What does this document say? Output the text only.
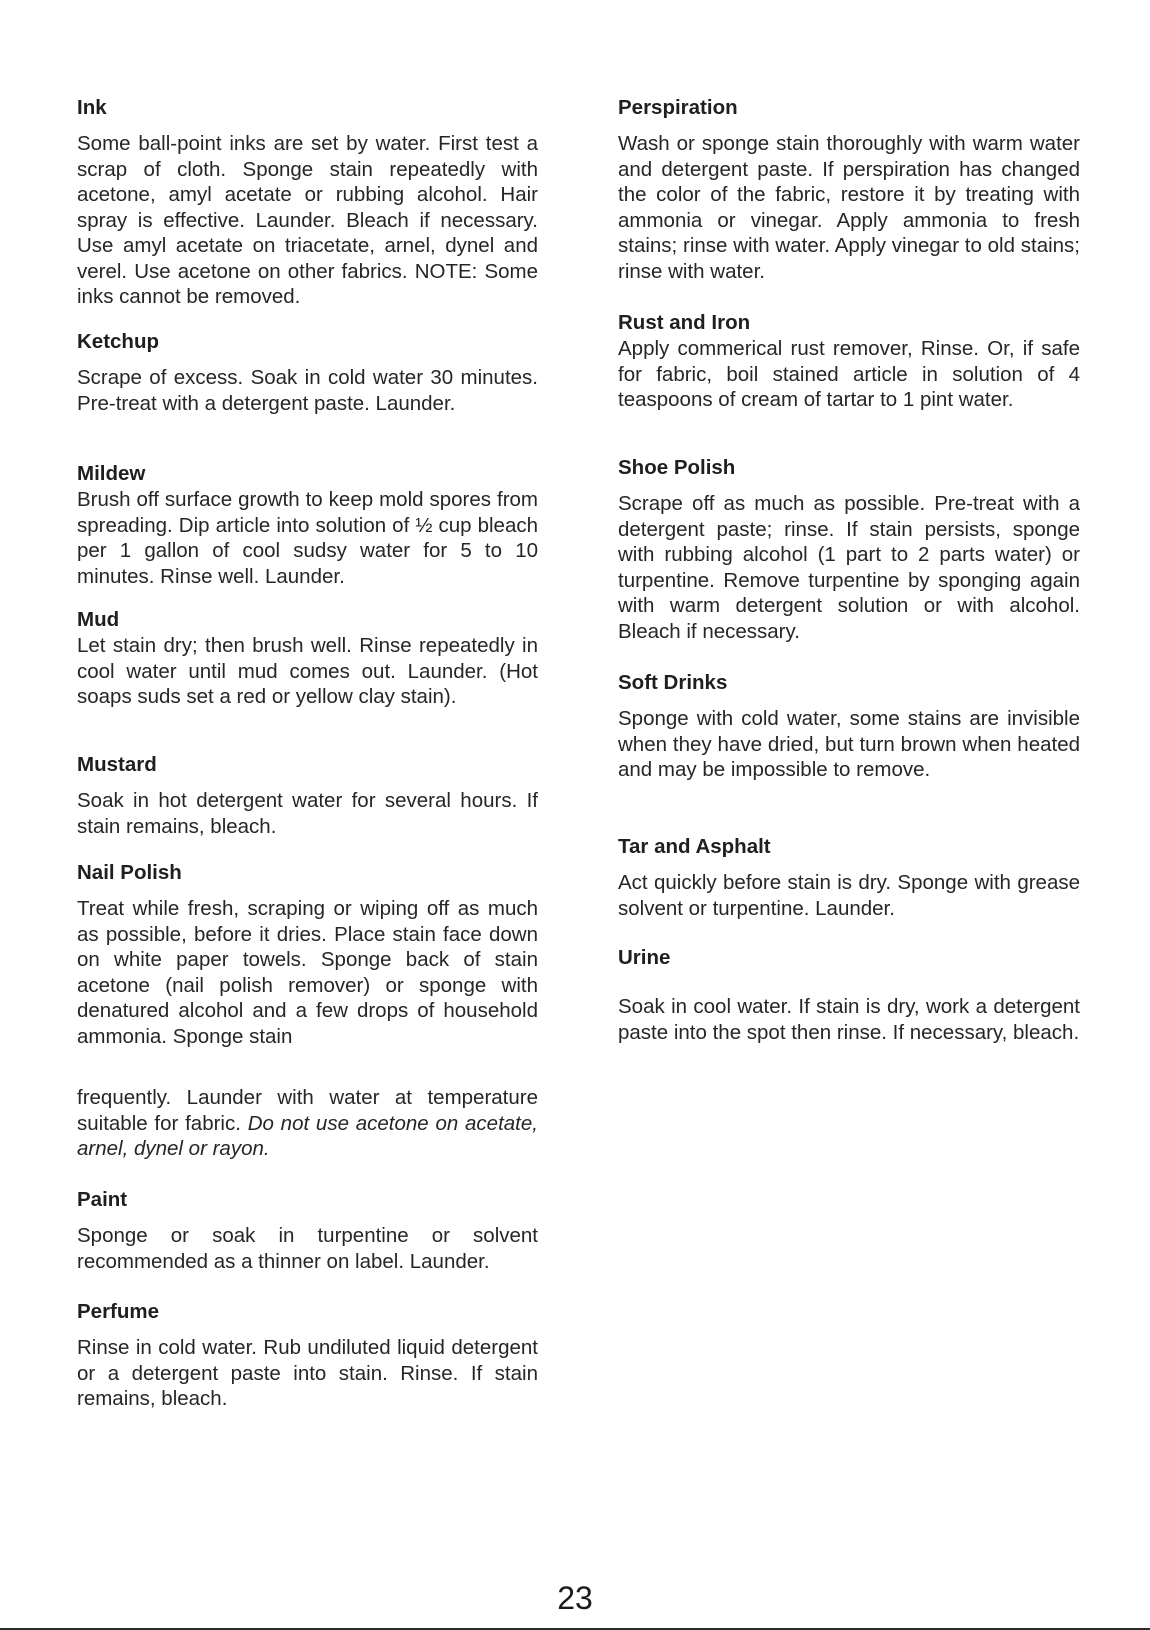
Ink

Some ball-point inks are set by water. First test a scrap of cloth. Sponge stain repeatedly with acetone, amyl acetate or rubbing alcohol. Hair spray is effective. Launder. Bleach if necessary. Use amyl acetate on triacetate, arnel, dynel and verel. Use acetone on other fabrics. NOTE: Some inks cannot be removed.

Ketchup

Scrape of excess. Soak in cold water 30 minutes. Pre-treat with a detergent paste. Launder.

Mildew

Brush off surface growth to keep mold spores from spreading. Dip article into solution of ½ cup bleach per 1 gallon of cool sudsy water for 5 to 10 minutes. Rinse well. Launder.

Mud

Let stain dry; then brush well. Rinse repeatedly in cool water until mud comes out. Launder. (Hot soaps suds set a red or yellow clay stain).

Mustard

Soak in hot detergent water for several hours. If stain remains, bleach.

Nail Polish

Treat while fresh, scraping or wiping off as much as possible, before it dries. Place stain face down on white paper towels. Sponge back of stain acetone (nail polish remover) or sponge with denatured alcohol and a few drops of household ammonia. Sponge stain

frequently. Launder with water at temperature suitable for fabric. Do not use acetone on acetate, arnel, dynel or rayon.

Paint

Sponge or soak in turpentine or solvent recommended as a thinner on label. Launder.

Perfume

Rinse in cold water. Rub undiluted liquid detergent or a detergent paste into stain. Rinse. If stain remains, bleach.

Perspiration

Wash or sponge stain thoroughly with warm water and detergent paste. If perspiration has changed the color of the fabric, restore it by treating with ammonia or vinegar. Apply ammonia to fresh stains; rinse with water. Apply vinegar to old stains; rinse with water.

Rust and Iron

Apply commerical rust remover, Rinse. Or, if safe for fabric, boil stained article in solution of 4 teaspoons of cream of tartar to 1 pint water.

Shoe Polish

Scrape off as much as possible. Pre-treat with a detergent paste; rinse. If stain persists, sponge with rubbing alcohol (1 part to 2 parts water) or turpentine. Remove turpentine by sponging again with warm detergent solution or with alcohol. Bleach if necessary.

Soft Drinks

Sponge with cold water, some stains are invisible when they have dried, but turn brown when heated and may be impossible to remove.

Tar and Asphalt

Act quickly before stain is dry. Sponge with grease solvent or turpentine. Launder.

Urine

Soak in cool water. If stain is dry, work a detergent paste into the spot then rinse. If necessary, bleach.

23
